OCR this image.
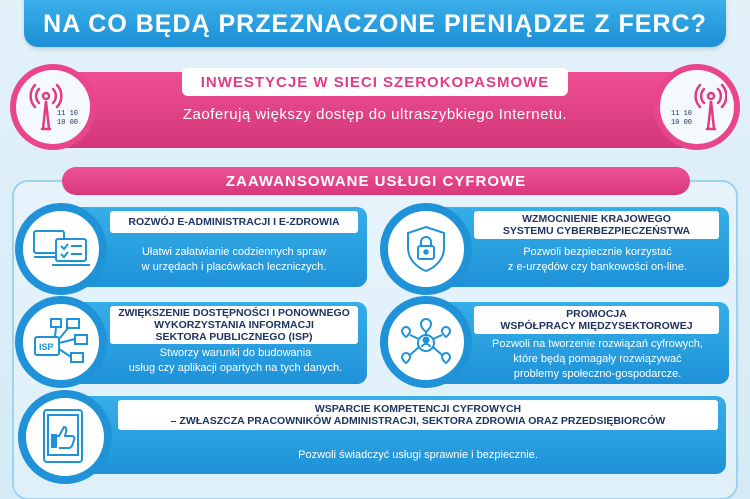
NA CO BĘDĄ PRZEZNACZONE PIENIĄDZE Z FERC?
INWESTYCJE W SIECI SZEROKOPASMOWE
Zaoferują większy dostęp do ultraszybkiego Internetu.
11 10
10 00
11 10
10 00
ZAAWANSOWANE USŁUGI CYFROWE
ROZWÓJ E-ADMINISTRACJI I E-ZDROWIA
Ułatwi załatwianie codziennych spraw
w urzędach i placówkach leczniczych.
WZMOCNIENIE KRAJOWEGO
SYSTEMU CYBERBEZPIECZEŃSTWA
Pozwoli bezpiecznie korzystać
z e-urzędów czy bankowości on-line.
ZWIĘKSZENIE DOSTĘPNOŚCI I PONOWNEGO
WYKORZYSTANIA INFORMACJI
SEKTORA PUBLICZNEGO (ISP)
Stworzy warunki do budowania
usług czy aplikacji opartych na tych danych.
ISP
PROMOCJA
WSPÓŁPRACY MIĘDZYSEKTOROWEJ
Pozwoli na tworzenie rozwiązań cyfrowych,
które będą pomagały rozwiązywać
problemy społeczno-gospodarcze.
WSPARCIE KOMPETENCJI CYFROWYCH
– ZWŁASZCZA PRACOWNIKÓW ADMINISTRACJI, SEKTORA ZDROWIA ORAZ PRZEDSIĘBIORCÓW
Pozwoli świadczyć usługi sprawnie i bezpiecznie.
